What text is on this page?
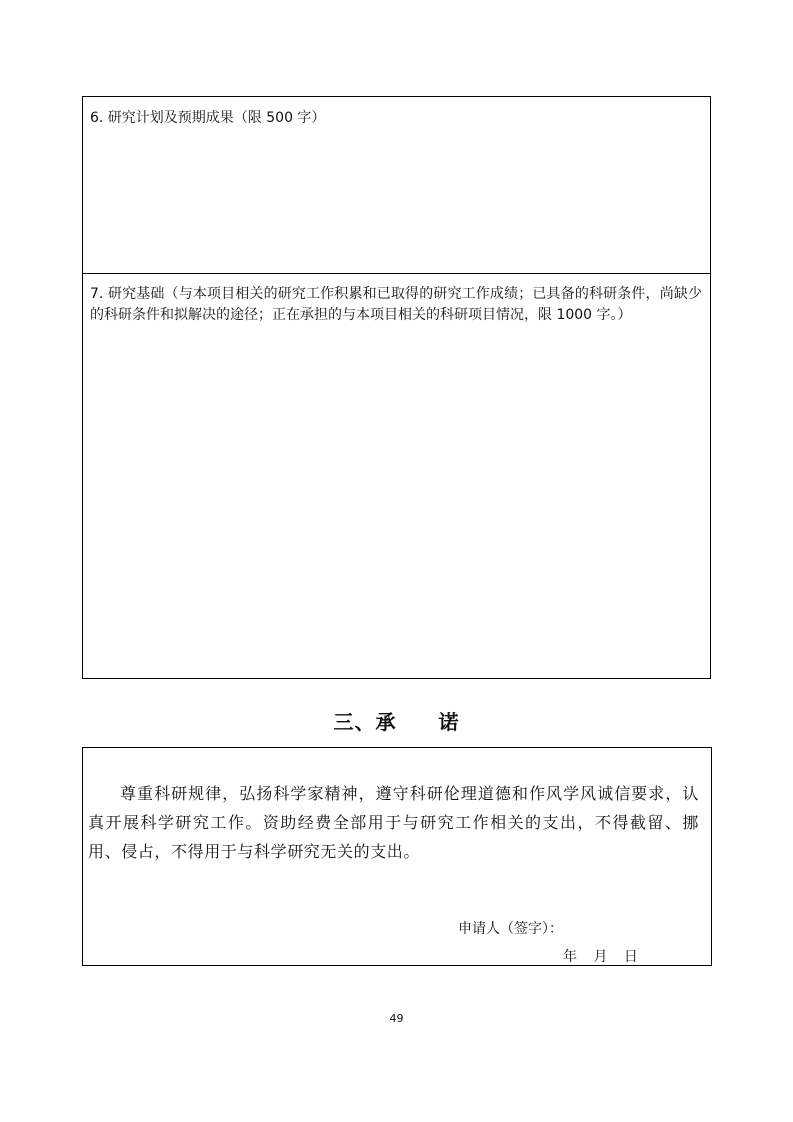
6. 研究计划及预期成果（限 500 字）

7. 研究基础（与本项目相关的研究工作积累和已取得的研究工作成绩；已具备的科研条件，尚缺少的科研条件和拟解决的途径；正在承担的与本项目相关的科研项目情况，限 1000 字。）

三、承　　诺

尊重科研规律，弘扬科学家精神，遵守科研伦理道德和作风学风诚信要求，认真开展科学研究工作。资助经费全部用于与研究工作相关的支出，不得截留、挪用、侵占，不得用于与科学研究无关的支出。

申请人（签字）：

年 月 日

49
